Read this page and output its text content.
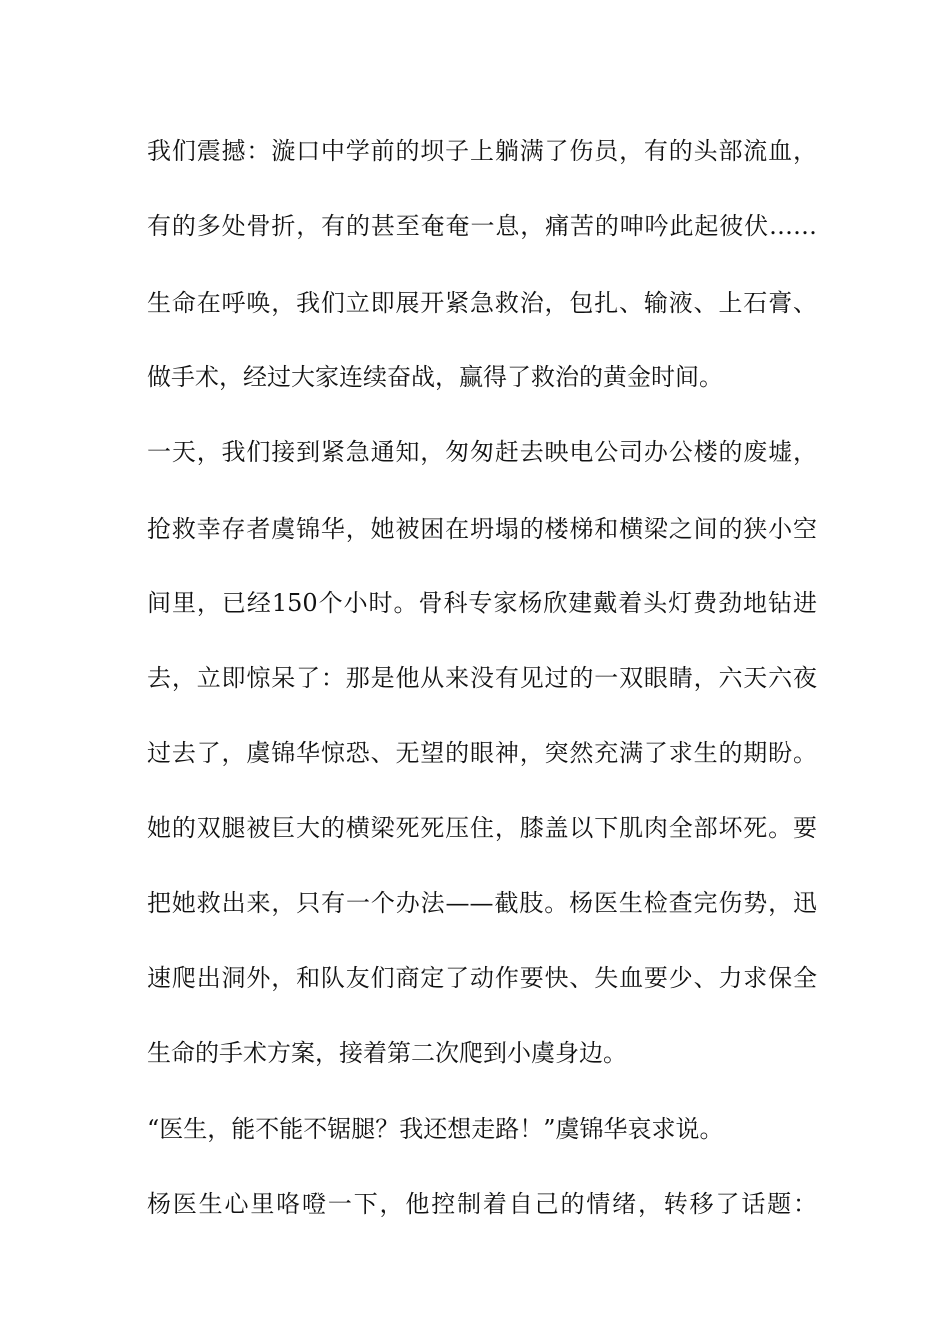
我们震撼：漩口中学前的坝子上躺满了伤员，有的头部流血，
有的多处骨折，有的甚至奄奄一息，痛苦的呻吟此起彼伏……
生命在呼唤，我们立即展开紧急救治，包扎、输液、上石膏、
做手术，经过大家连续奋战，赢得了救治的黄金时间。
一天，我们接到紧急通知，匆匆赶去映电公司办公楼的废墟，
抢救幸存者虞锦华，她被困在坍塌的楼梯和横梁之间的狭小空
间里，已经150个小时。骨科专家杨欣建戴着头灯费劲地钻进
去，立即惊呆了：那是他从来没有见过的一双眼睛，六天六夜
过去了，虞锦华惊恐、无望的眼神，突然充满了求生的期盼。
她的双腿被巨大的横梁死死压住，膝盖以下肌肉全部坏死。要
把她救出来，只有一个办法——截肢。杨医生检查完伤势，迅
速爬出洞外，和队友们商定了动作要快、失血要少、力求保全
生命的手术方案，接着第二次爬到小虞身边。
“医生，能不能不锯腿？我还想走路！”虞锦华哀求说。
杨医生心里咯噔一下，他控制着自己的情绪，转移了话题：
